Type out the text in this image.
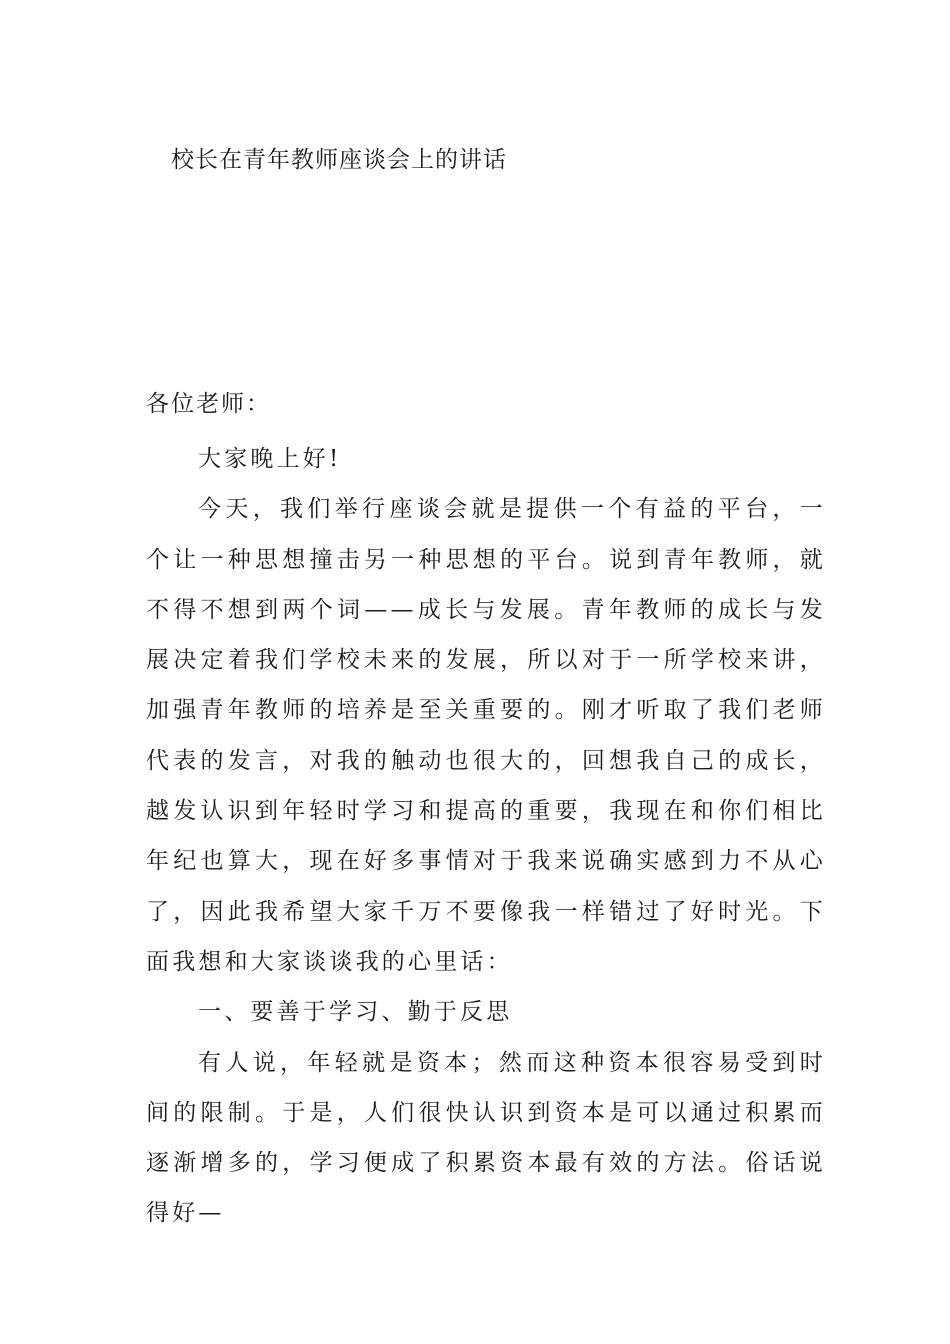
校长在青年教师座谈会上的讲话
各位老师：

大家晚上好!

今天，我们举行座谈会就是提供一个有益的平台，一个让一种思想撞击另一种思想的平台。说到青年教师，就不得不想到两个词——成长与发展。青年教师的成长与发展决定着我们学校未来的发展，所以对于一所学校来讲，加强青年教师的培养是至关重要的。刚才听取了我们老师代表的发言，对我的触动也很大的，回想我自己的成长，越发认识到年轻时学习和提高的重要，我现在和你们相比年纪也算大，现在好多事情对于我来说确实感到力不从心了，因此我希望大家千万不要像我一样错过了好时光。下面我想和大家谈谈我的心里话：

一、要善于学习、勤于反思

有人说，年轻就是资本；然而这种资本很容易受到时间的限制。于是，人们很快认识到资本是可以通过积累而逐渐增多的，学习便成了积累资本最有效的方法。俗话说得好—
